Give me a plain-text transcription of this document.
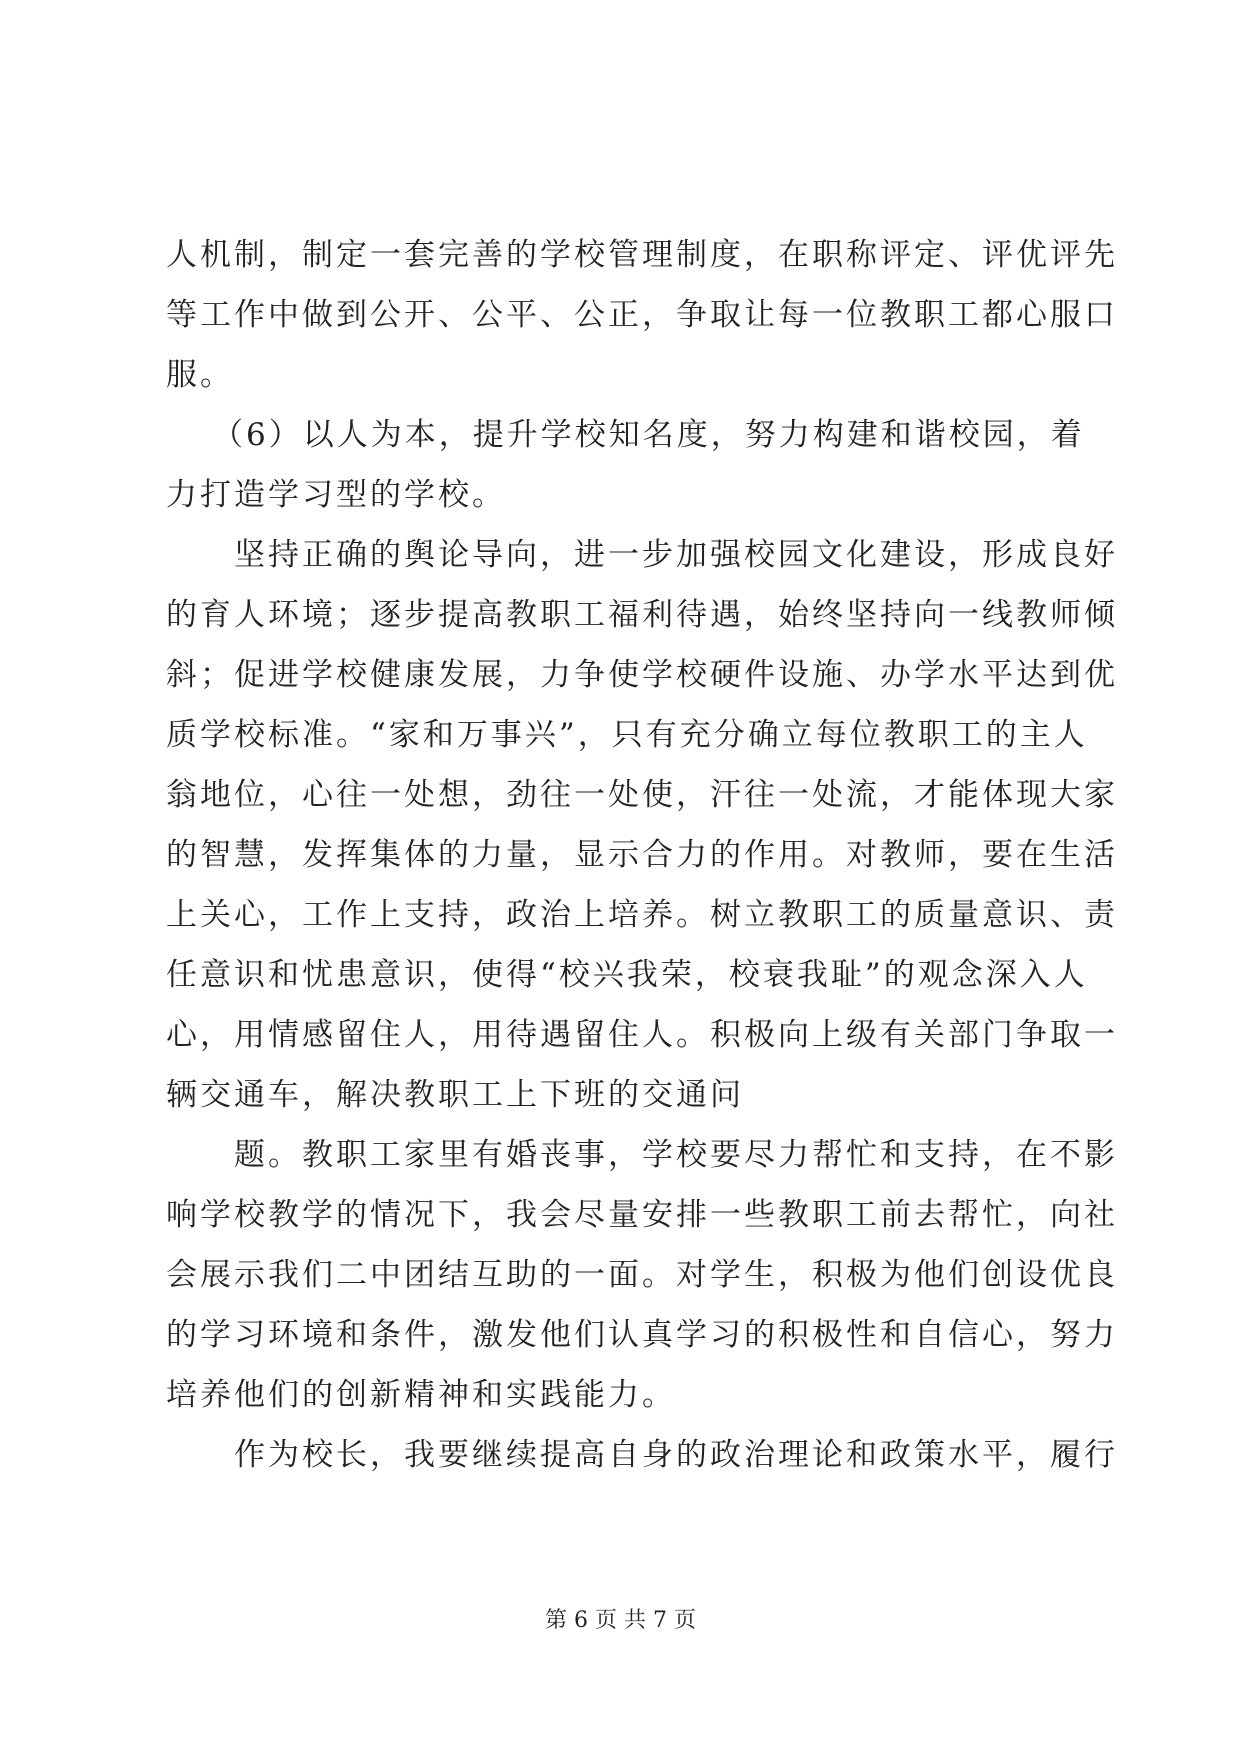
人机制，制定一套完善的学校管理制度，在职称评定、评优评先
等工作中做到公开、公平、公正，争取让每一位教职工都心服口
服。

（6）以人为本，提升学校知名度，努力构建和谐校园，着
力打造学习型的学校。

坚持正确的舆论导向，进一步加强校园文化建设，形成良好
的育人环境；逐步提高教职工福利待遇，始终坚持向一线教师倾
斜；促进学校健康发展，力争使学校硬件设施、办学水平达到优
质学校标准。“家和万事兴”，只有充分确立每位教职工的主人
翁地位，心往一处想，劲往一处使，汗往一处流，才能体现大家
的智慧，发挥集体的力量，显示合力的作用。对教师，要在生活
上关心，工作上支持，政治上培养。树立教职工的质量意识、责
任意识和忧患意识，使得“校兴我荣，校衰我耻”的观念深入人
心，用情感留住人，用待遇留住人。积极向上级有关部门争取一
辆交通车，解决教职工上下班的交通问

题。教职工家里有婚丧事，学校要尽力帮忙和支持，在不影
响学校教学的情况下，我会尽量安排一些教职工前去帮忙，向社
会展示我们二中团结互助的一面。对学生，积极为他们创设优良
的学习环境和条件，激发他们认真学习的积极性和自信心，努力
培养他们的创新精神和实践能力。

作为校长，我要继续提高自身的政治理论和政策水平，履行

第 6 页 共 7 页
